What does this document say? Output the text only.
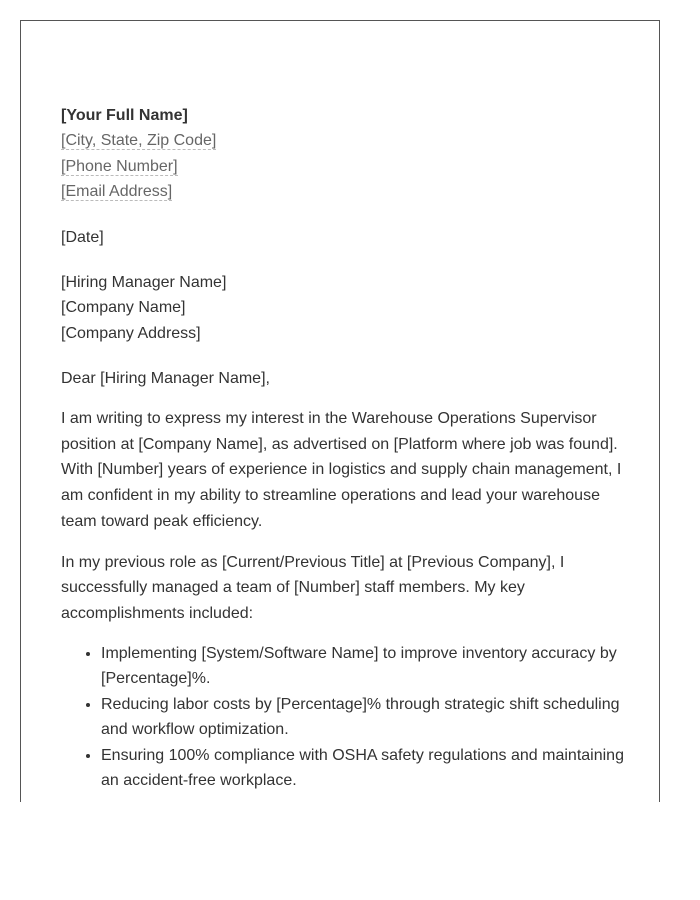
[Your Full Name]
[City, State, Zip Code]
[Phone Number]
[Email Address]
[Date]
[Hiring Manager Name]
[Company Name]
[Company Address]
Dear [Hiring Manager Name],

I am writing to express my interest in the Warehouse Operations Supervisor position at [Company Name], as advertised on [Platform where job was found]. With [Number] years of experience in logistics and supply chain management, I am confident in my ability to streamline operations and lead your warehouse team toward peak efficiency.

In my previous role as [Current/Previous Title] at [Previous Company], I successfully managed a team of [Number] staff members. My key accomplishments included:

• Implementing [System/Software Name] to improve inventory accuracy by [Percentage]%.
• Reducing labor costs by [Percentage]% through strategic shift scheduling and workflow optimization.
• Ensuring 100% compliance with OSHA safety regulations and maintaining an accident-free workplace.
